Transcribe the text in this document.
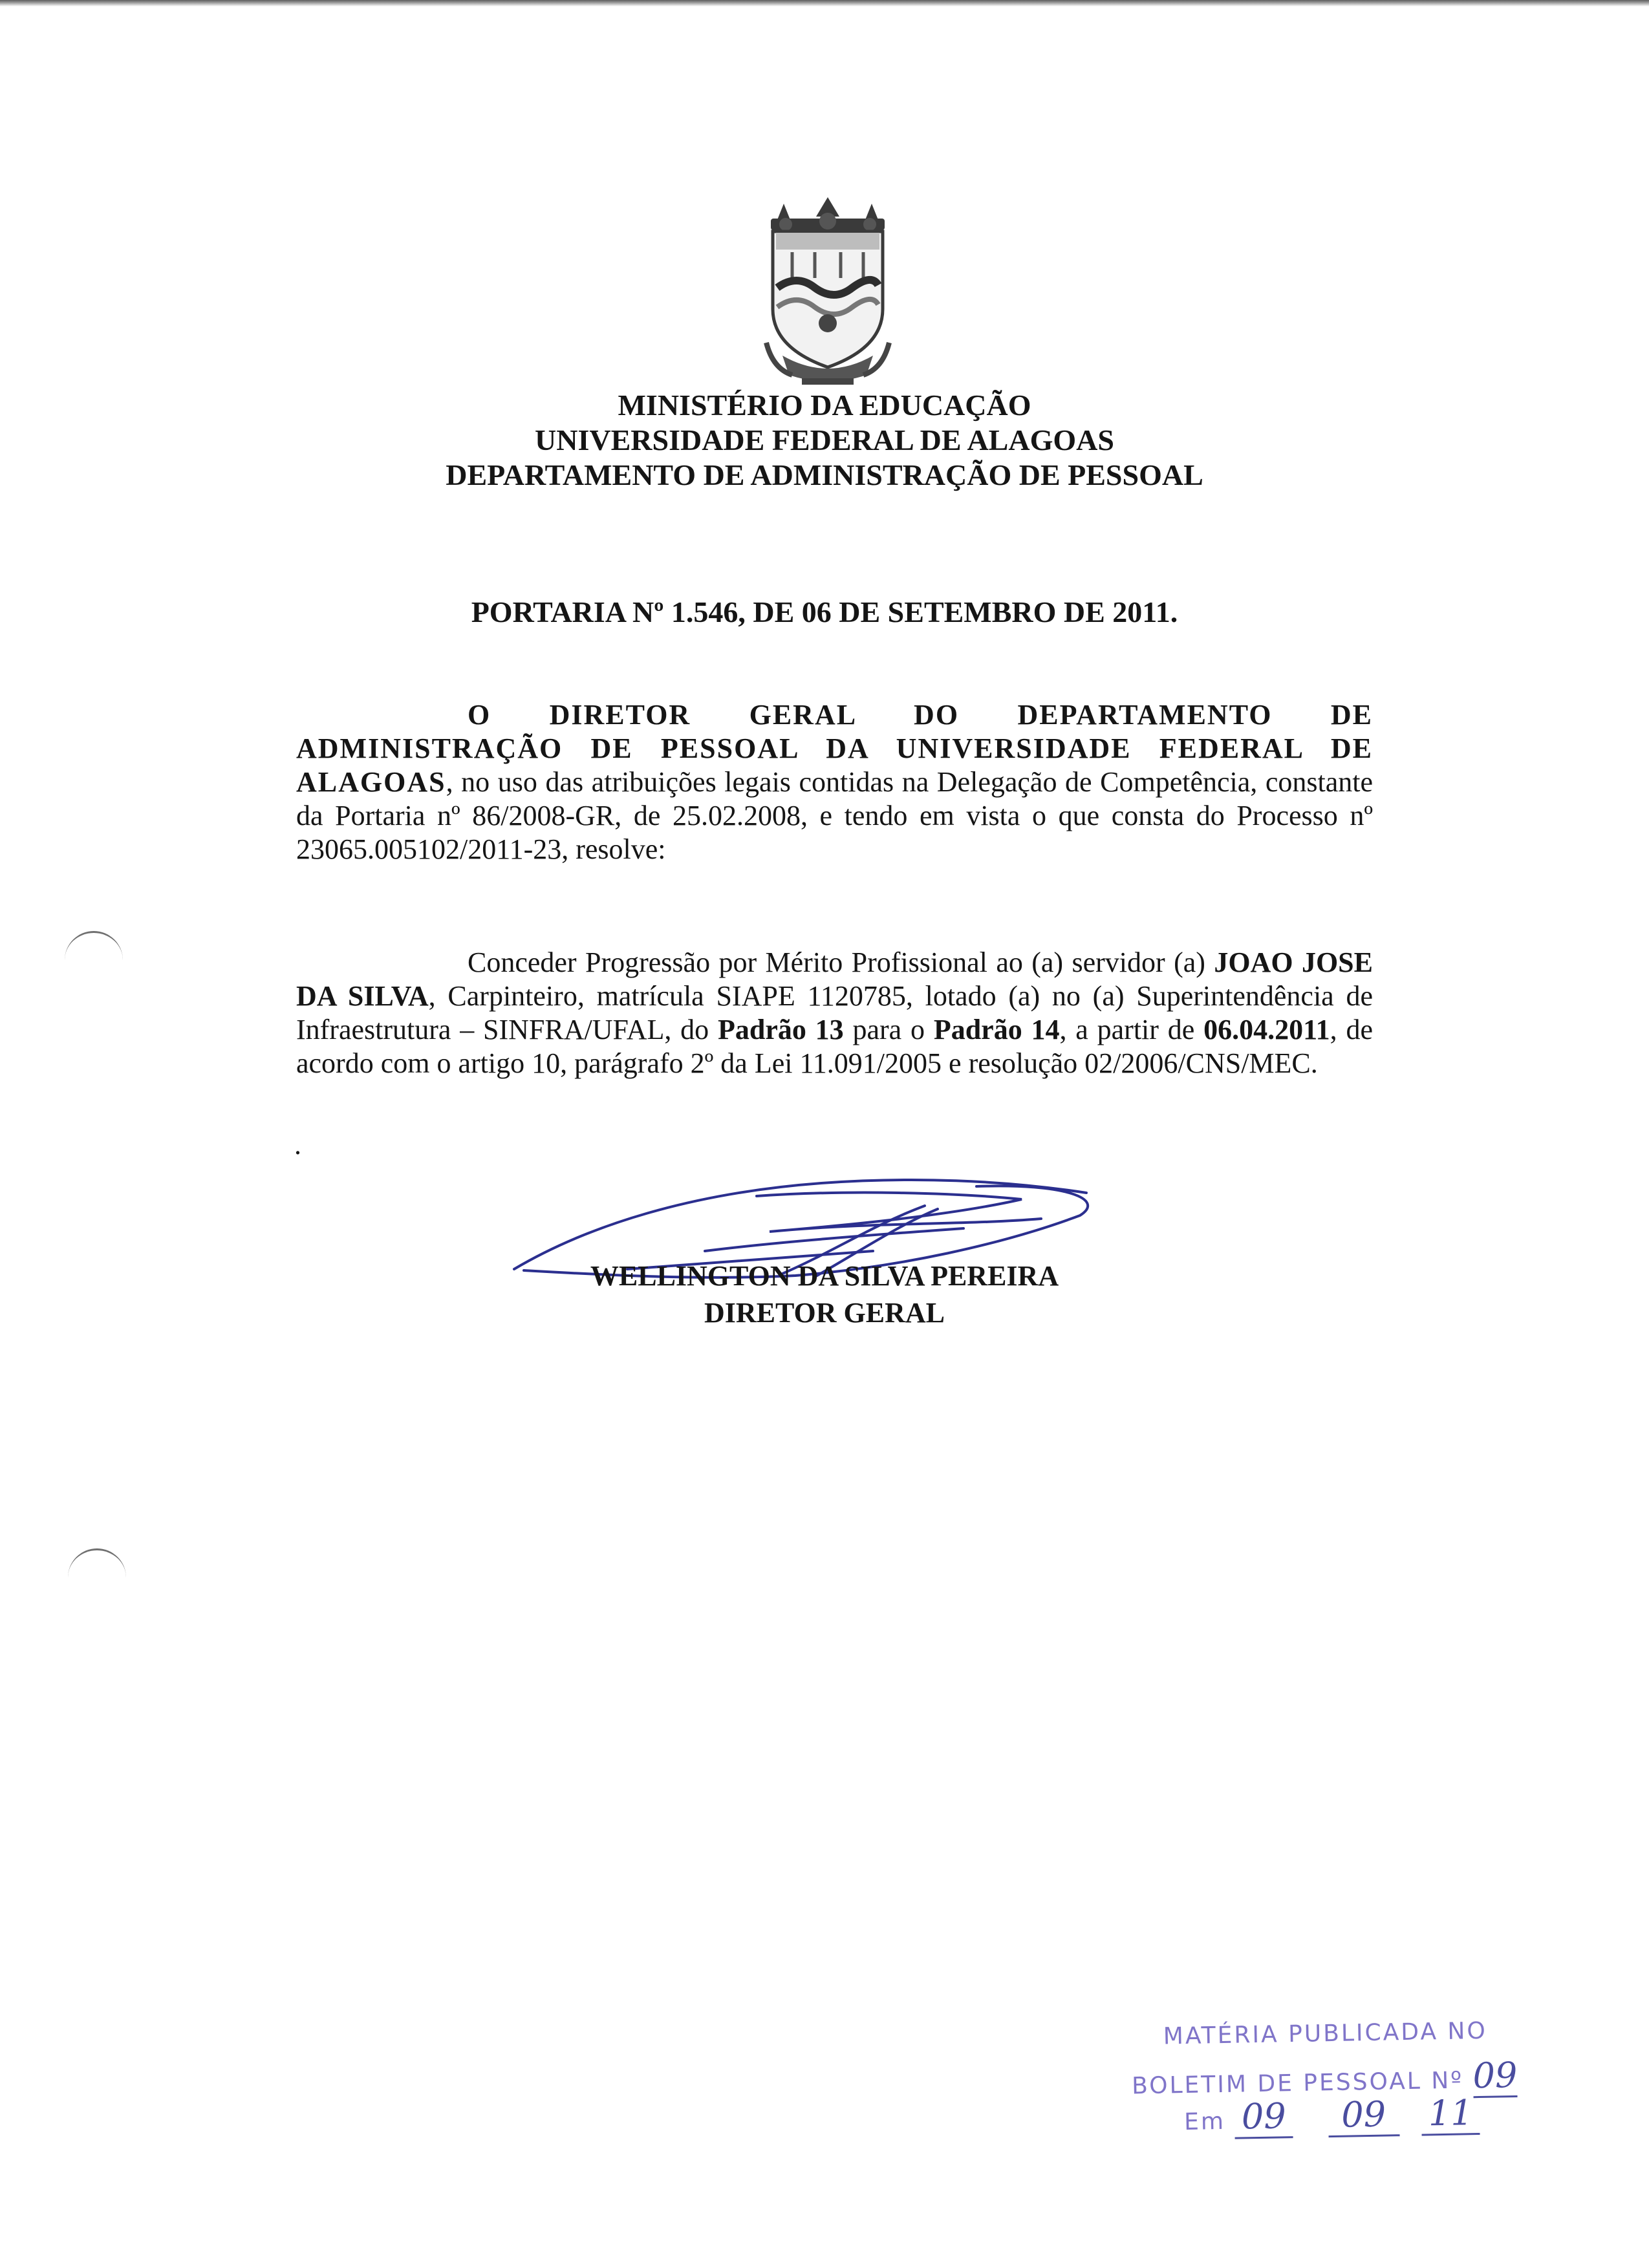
MINISTÉRIO DA EDUCAÇÃO
UNIVERSIDADE FEDERAL DE ALAGOAS
DEPARTAMENTO DE ADMINISTRAÇÃO DE PESSOAL
PORTARIA Nº 1.546, DE 06 DE SETEMBRO DE 2011.
O DIRETOR GERAL DO DEPARTAMENTO DE ADMINISTRAÇÃO DE PESSOAL DA UNIVERSIDADE FEDERAL DE ALAGOAS, no uso das atribuições legais contidas na Delegação de Competência, constante da Portaria nº 86/2008-GR, de 25.02.2008, e tendo em vista o que consta do Processo nº 23065.005102/2011-23, resolve:
Conceder Progressão por Mérito Profissional ao (a) servidor (a) JOAO JOSE DA SILVA, Carpinteiro, matrícula SIAPE 1120785, lotado (a) no (a) Superintendência de Infraestrutura – SINFRA/UFAL, do Padrão 13 para o Padrão 14, a partir de 06.04.2011, de acordo com o artigo 10, parágrafo 2º da Lei 11.091/2005 e resolução 02/2006/CNS/MEC.
.
WELLINGTON DA SILVA PEREIRA
DIRETOR GERAL
MATÉRIA PUBLICADA NO
BOLETIM DE PESSOAL Nº 09
Em 09 09 11
